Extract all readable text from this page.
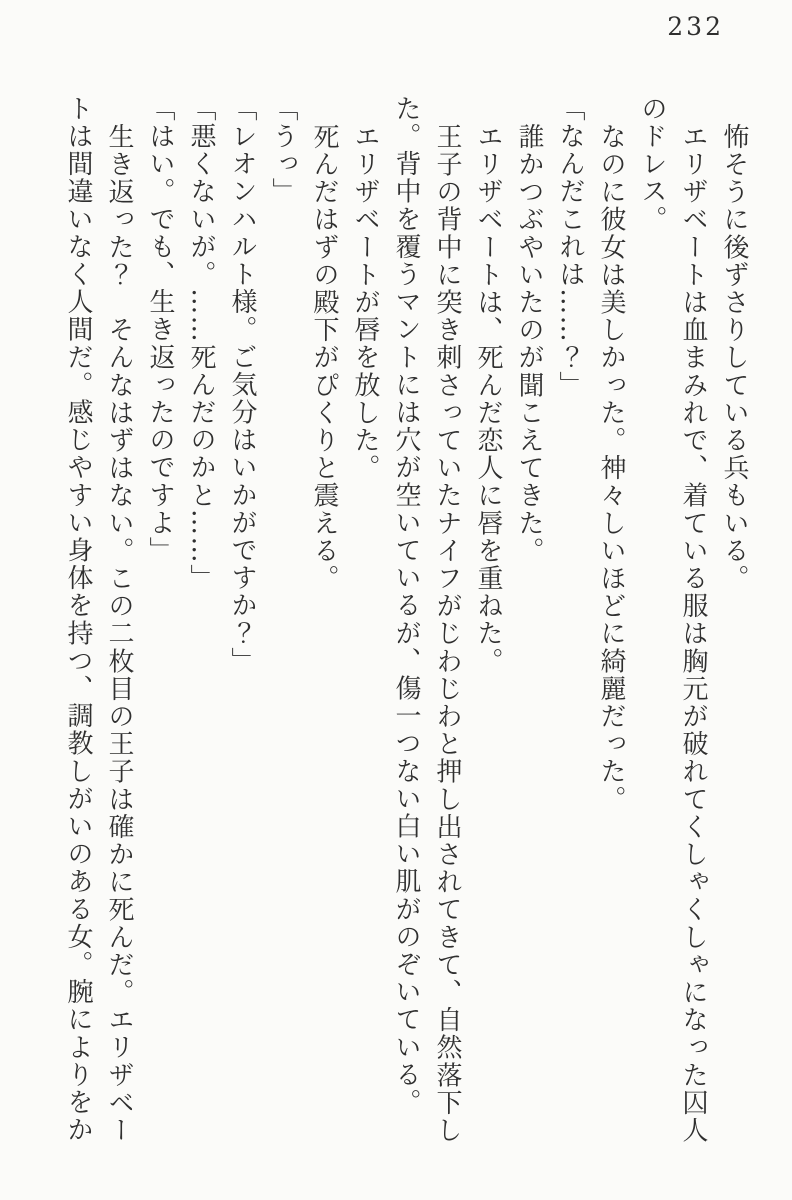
232

怖そうに後ずさりしている兵もいる。

エリザベートは血まみれで、着ている服は胸元が破れてくしゃくしゃになった囚人のドレス。

なのに彼女は美しかった。神々しいほどに綺麗だった。

「なんだこれは……？」

誰かつぶやいたのが聞こえてきた。

エリザベートは、死んだ恋人に唇を重ねた。

王子の背中に突き刺さっていたナイフがじわじわと押し出されてきて、自然落下した。背中を覆うマントには穴が空いているが、傷一つない白い肌がのぞいている。

エリザベートが唇を放した。

死んだはずの殿下がぴくりと震える。

「うっ」

「レオンハルト様。ご気分はいかがですか？」

「悪くないが。……死んだのかと……」

「はい。でも、生き返ったのですよ」

生き返った？　そんなはずはない。この二枚目の王子は確かに死んだ。エリザベートは間違いなく人間だ。感じやすい身体を持つ、調教しがいのある女。腕によりをか
